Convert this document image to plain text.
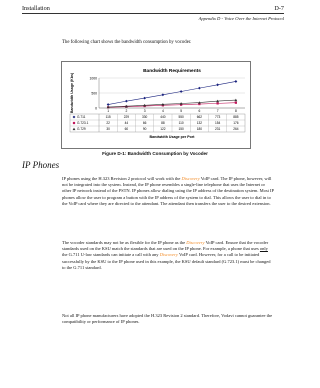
Installation	D-7
Appendix D - Voice Over the Internet Protocol
The following chart shows the bandwidth consumption by vocoder.
Bandwidth Requirements
Bandwidth Usage (Kbs)	0
500
1000
1	2	3	4	5	6	7	8
G.711	115	229	330	440	550	662	773	885
G.723.1	22	44	66	88	110	132	154	176
G.729	30	60	90	122	150	180	231	264
Bandwidth Usage per Port
Figure D-1: Bandwidth Consumption by Vocoder
IP Phones

IP phones using the H.323 Revision 2 protocol will work with the Discovery VoIP card. The IP phone, however, will not be integrated into the system. Instead, the IP phone resembles a single-line telephone that uses the Internet or other IP network instead of the PSTN. IP phones allow dialing using the IP address of the destination system. Most IP phones allow the user to program a button with the IP address of the system to dial. This allows the user to dial in to the VoIP card where they are directed to the attendant. The attendant then transfers the user to the desired extension.

The vocoder standards may not be as flexible for the IP phone as the Discovery VoIP card. Ensure that the vocoder standards used on the KSU match the standards that are used on the IP phone. For example, a phone that uses only the G.711 U-law standards can initiate a call with any Discovery VoIP card. However, for a call to be initiated successfully by the KSU to the IP phone used in this example, the KSU default standard (G.723.1) must be changed to the G.711 standard.

Not all IP phone manufacturers have adopted the H.323 Revision 2 standard. Therefore, Vodavi cannot guarantee the compatibility or performance of IP phones.
